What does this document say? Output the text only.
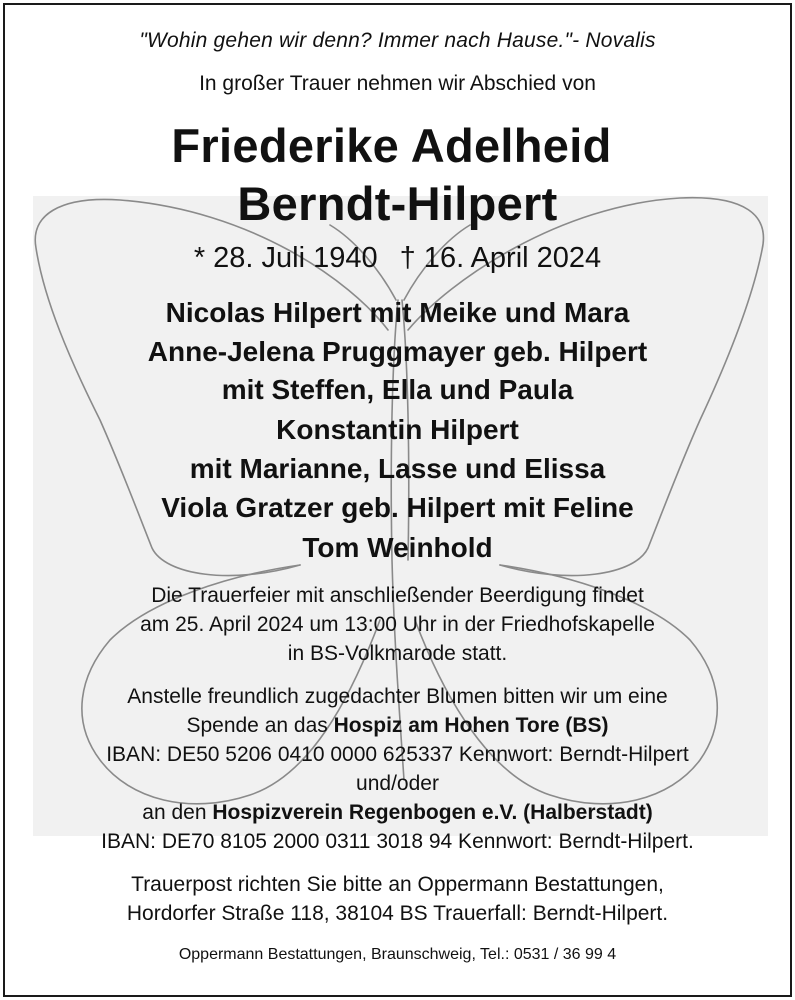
"Wohin gehen wir denn? Immer nach Hause."- Novalis
In großer Trauer nehmen wir Abschied von
Friederike Adelheid
Berndt-Hilpert
* 28. Juli 1940 † 16. April 2024
Nicolas Hilpert mit Meike und Mara
Anne-Jelena Pruggmayer geb. Hilpert
mit Steffen, Ella und Paula
Konstantin Hilpert
mit Marianne, Lasse und Elissa
Viola Gratzer geb. Hilpert mit Feline
Tom Weinhold
Die Trauerfeier mit anschließender Beerdigung findet
am 25. April 2024 um 13:00 Uhr in der Friedhofskapelle
in BS-Volkmarode statt.
Anstelle freundlich zugedachter Blumen bitten wir um eine
Spende an das Hospiz am Hohen Tore (BS)
IBAN: DE50 5206 0410 0000 625337 Kennwort: Berndt-Hilpert
und/oder
an den Hospizverein Regenbogen e.V. (Halberstadt)
IBAN: DE70 8105 2000 0311 3018 94 Kennwort: Berndt-Hilpert.
Trauerpost richten Sie bitte an Oppermann Bestattungen,
Hordorfer Straße 118, 38104 BS Trauerfall: Berndt-Hilpert.
Oppermann Bestattungen, Braunschweig, Tel.: 0531 / 36 99 4
